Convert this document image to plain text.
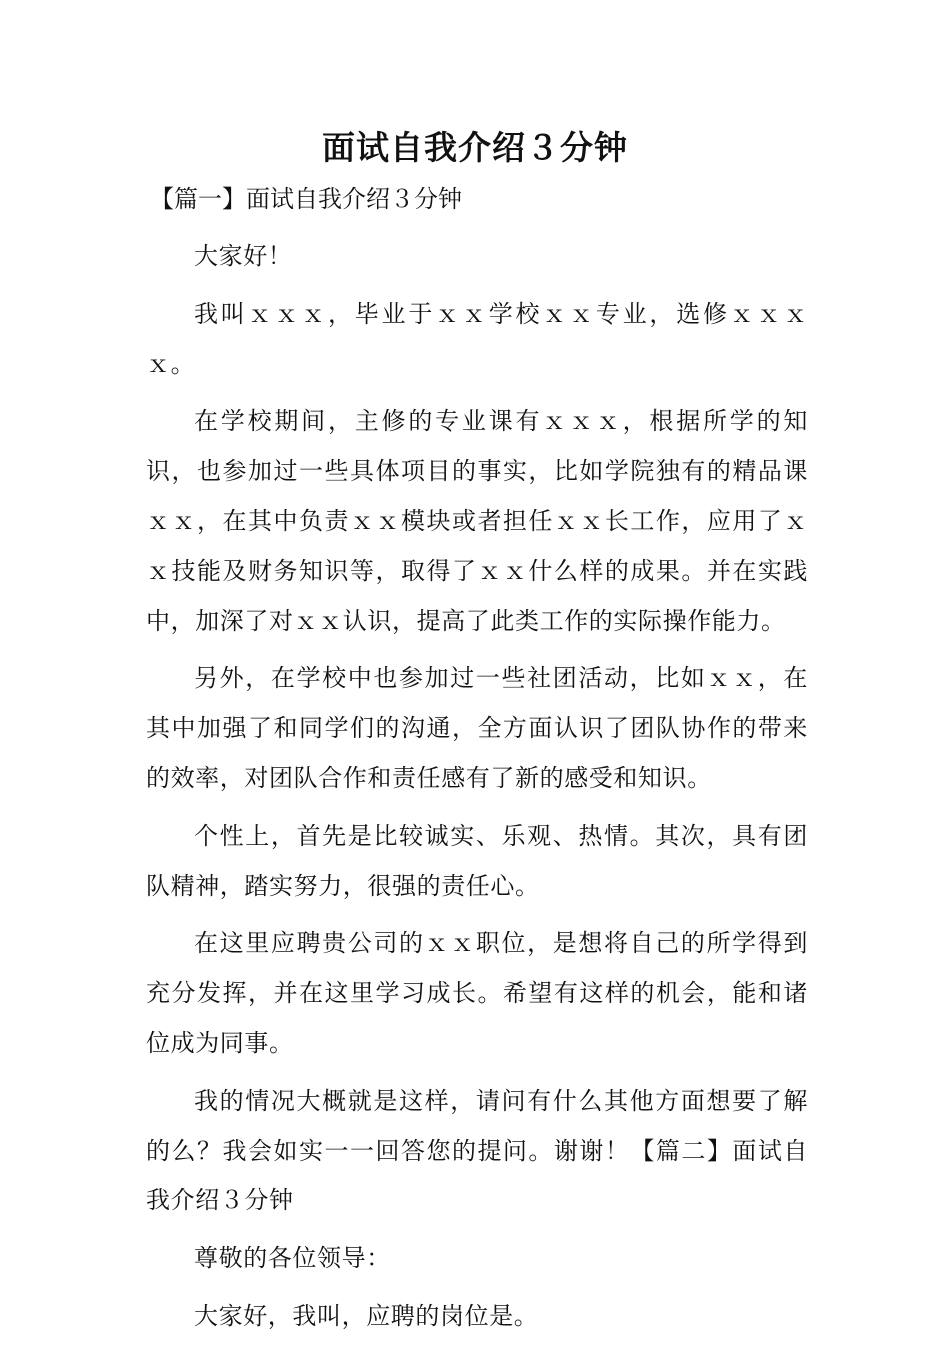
面试自我介绍３分钟

【篇一】面试自我介绍３分钟

大家好！

我叫ｘｘｘ，毕业于ｘｘ学校ｘｘ专业，选修ｘｘｘｘ。

在学校期间，主修的专业课有ｘｘｘ，根据所学的知识，也参加过一些具体项目的事实，比如学院独有的精品课ｘｘ，在其中负责ｘｘ模块或者担任ｘｘ长工作，应用了ｘｘ技能及财务知识等，取得了ｘｘ什么样的成果。并在实践中，加深了对ｘｘ认识，提高了此类工作的实际操作能力。

另外，在学校中也参加过一些社团活动，比如ｘｘ，在其中加强了和同学们的沟通，全方面认识了团队协作的带来的效率，对团队合作和责任感有了新的感受和知识。

个性上，首先是比较诚实、乐观、热情。其次，具有团队精神，踏实努力，很强的责任心。

在这里应聘贵公司的ｘｘ职位，是想将自己的所学得到充分发挥，并在这里学习成长。希望有这样的机会，能和诸位成为同事。

我的情况大概就是这样，请问有什么其他方面想要了解的么？我会如实一一回答您的提问。谢谢！【篇二】面试自我介绍３分钟

尊敬的各位领导：

大家好，我叫，应聘的岗位是。
